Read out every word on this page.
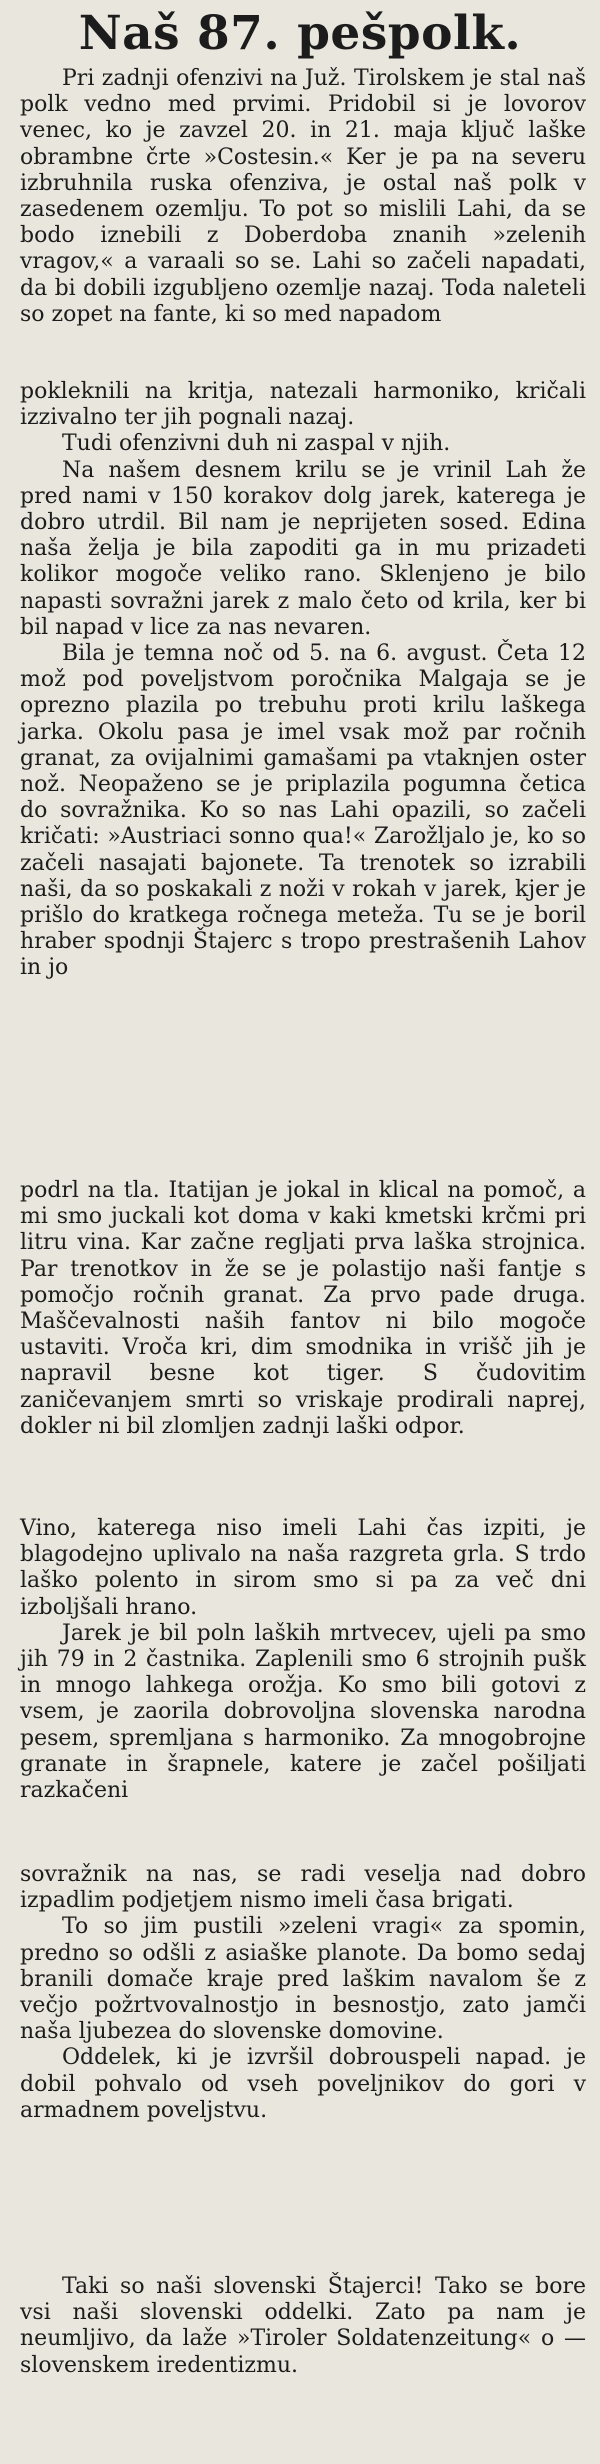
Naš 87. pešpolk.

Pri zadnji ofenzivi na Juž. Tirolskem je stal naš polk vedno med prvimi. Pridobil si je lovorov venec, ko je zavzel 20. in 21. maja ključ laške obrambne črte »Costesin.« Ker je pa na severu izbruhnila ruska ofenziva, je ostal naš polk v zasedenem ozemlju. To pot so mislili Lahi, da se bodo iznebili z Doberdoba znanih »zelenih vragov,« a varaali so se. Lahi so začeli napadati, da bi dobili izgubljeno ozemlje nazaj. Toda naleteli so zopet na fante, ki so med napadom

pokleknili na kritja, natezali harmoniko, kričali izzivalno ter jih pognali nazaj.

Tudi ofenzivni duh ni zaspal v njih.

Na našem desnem krilu se je vrinil Lah že pred nami v 150 korakov dolg jarek, katerega je dobro utrdil. Bil nam je neprijeten sosed. Edina naša želja je bila zapoditi ga in mu prizadeti kolikor mogoče veliko rano. Sklenjeno je bilo napasti sovražni jarek z malo četo od krila, ker bi bil napad v lice za nas nevaren.

Bila je temna noč od 5. na 6. avgust. Četa 12 mož pod poveljstvom poročnika Malgaja se je oprezno plazila po trebuhu proti krilu laškega jarka. Okolu pasa je imel vsak mož par ročnih granat, za ovijalnimi gamašami pa vtaknjen oster nož. Neopaženo se je priplazila pogumna četica do sovražnika. Ko so nas Lahi opazili, so začeli kričati: »Austriaci sonno qua!« Zarožljalo je, ko so začeli nasajati bajonete. Ta trenotek so izrabili naši, da so poskakali z noži v rokah v jarek, kjer je prišlo do kratkega ročnega meteža. Tu se je boril hraber spodnji Štajerc s tropo prestrašenih Lahov in jo

podrl na tla. Itatijan je jokal in klical na pomoč, a mi smo juckali kot doma v kaki kmetski krčmi pri litru vina. Kar začne regljati prva laška strojnica. Par trenotkov in že se je polastijo naši fantje s pomočjo ročnih granat. Za prvo pade druga. Maščevalnosti naših fantov ni bilo mogoče ustaviti. Vroča kri, dim smodnika in vrišč jih je napravil besne kot tiger. S čudovitim zaničevanjem smrti so vriskaje prodirali naprej, dokler ni bil zlomljen zadnji laški odpor.

Vino, katerega niso imeli Lahi čas izpiti, je blagodejno uplivalo na naša razgreta grla. S trdo laško polento in sirom smo si pa za več dni izboljšali hrano.

Jarek je bil poln laških mrtvecev, ujeli pa smo jih 79 in 2 častnika. Zaplenili smo 6 strojnih pušk in mnogo lahkega orožja. Ko smo bili gotovi z vsem, je zaorila dobrovoljna slovenska narodna pesem, spremljana s harmoniko. Za mnogobrojne granate in šrapnele, katere je začel pošiljati razkačeni

sovražnik na nas, se radi veselja nad dobro izpadlim podjetjem nismo imeli časa brigati.

To so jim pustili »zeleni vragi« za spomin, predno so odšli z asiaške planote. Da bomo sedaj branili domače kraje pred laškim navalom še z večjo požrtvovalnostjo in besnostjo, zato jamči naša ljubezea do slovenske domovine.

Oddelek, ki je izvršil dobrouspeli napad. je dobil pohvalo od vseh poveljnikov do gori v armadnem poveljstvu.

Taki so naši slovenski Štajerci! Tako se bore vsi naši slovenski oddelki. Zato pa nam je neumljivo, da laže »Tiroler Soldatenzeitung« o — slovenskem iredentizmu.
